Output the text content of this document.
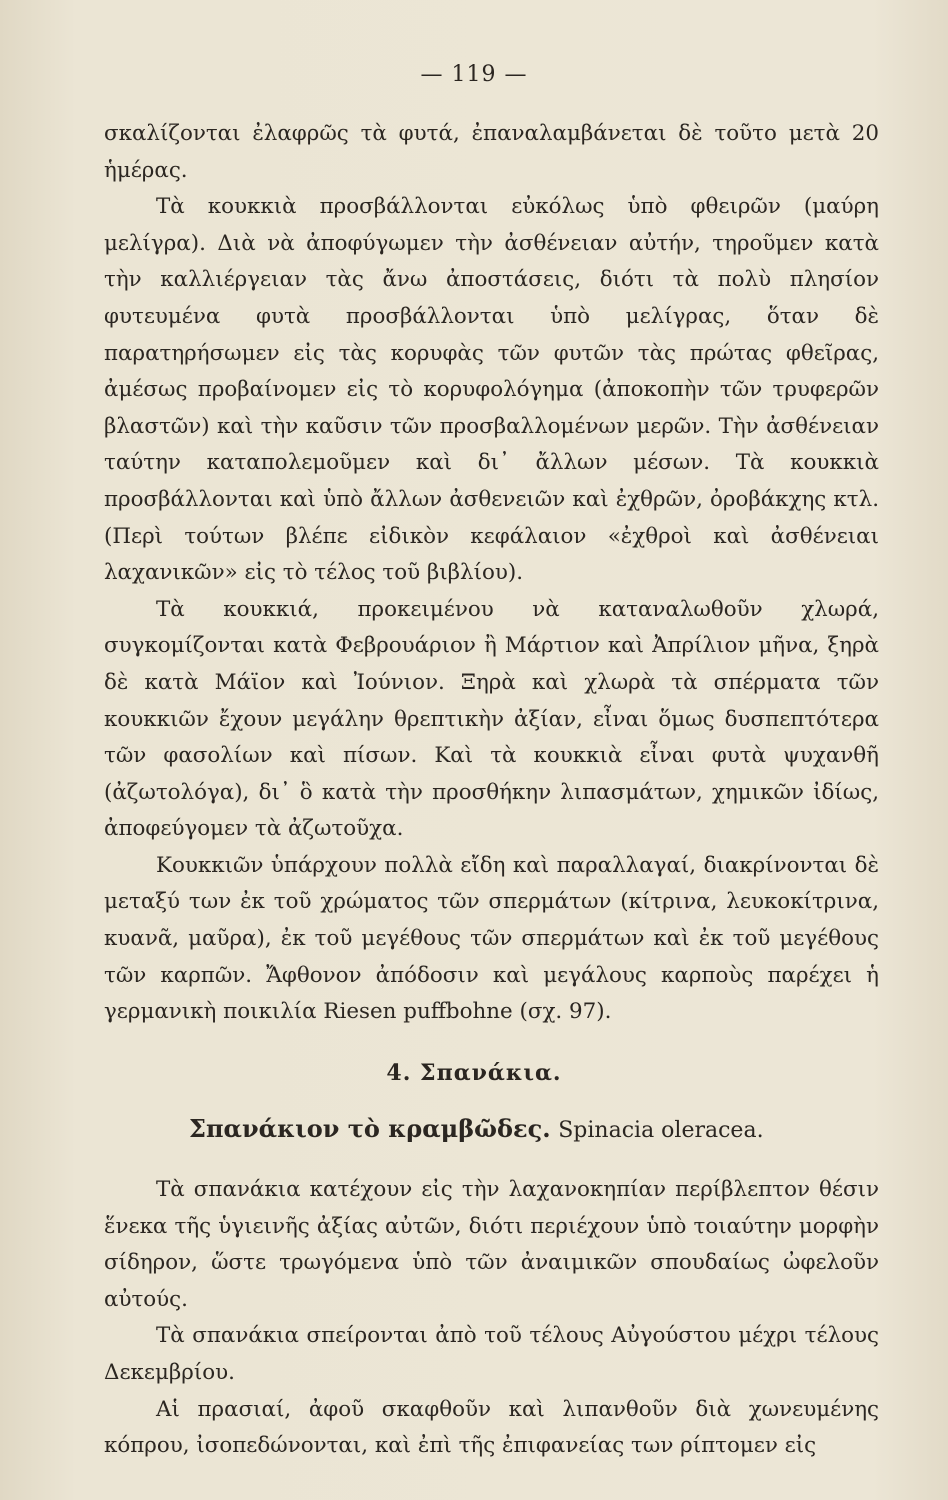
— 119 —

σκαλίζονται ἐλαφρῶς τὰ φυτά, ἐπαναλαμβάνεται δὲ τοῦτο μετὰ 20 ἡμέρας.

Τὰ κουκκιὰ προσβάλλονται εὐκόλως ὑπὸ φθειρῶν (μαύρη μελίγρα). Διὰ νὰ ἀποφύγωμεν τὴν ἀσθένειαν αὐτήν, τηροῦμεν κατὰ τὴν καλλιέργειαν τὰς ἄνω ἀποστάσεις, διότι τὰ πολὺ πλησίον φυτευμένα φυτὰ προσβάλλονται ὑπὸ μελίγρας, ὅταν δὲ παρατηρήσωμεν εἰς τὰς κορυφὰς τῶν φυτῶν τὰς πρώτας φθεῖρας, ἀμέσως προβαίνομεν εἰς τὸ κορυφολόγημα (ἀποκοπὴν τῶν τρυφερῶν βλαστῶν) καὶ τὴν καῦσιν τῶν προσβαλλομένων μερῶν. Τὴν ἀσθένειαν ταύτην καταπολεμοῦμεν καὶ δι᾽ ἄλλων μέσων. Τὰ κουκκιὰ προσβάλλονται καὶ ὑπὸ ἄλλων ἀσθενειῶν καὶ ἐχθρῶν, ὀροβάκχης κτλ. (Περὶ τούτων βλέπε εἰδικὸν κεφάλαιον «ἐχθροὶ καὶ ἀσθένειαι λαχανικῶν» εἰς τὸ τέλος τοῦ βιβλίου).

Τὰ κουκκιά, προκειμένου νὰ καταναλωθοῦν χλωρά, συγκομίζονται κατὰ Φεβρουάριον ἢ Μάρτιον καὶ Ἀπρίλιον μῆνα, ξηρὰ δὲ κατὰ Μάϊον καὶ Ἰούνιον. Ξηρὰ καὶ χλωρὰ τὰ σπέρματα τῶν κουκκιῶν ἔχουν μεγάλην θρεπτικὴν ἀξίαν, εἶναι ὅμως δυσπεπτότερα τῶν φασολίων καὶ πίσων. Καὶ τὰ κουκκιὰ εἶναι φυτὰ ψυχανθῆ (ἀζωτολόγα), δι᾽ ὃ κατὰ τὴν προσθήκην λιπασμάτων, χημικῶν ἰδίως, ἀποφεύγομεν τὰ ἀζωτοῦχα.

Κουκκιῶν ὑπάρχουν πολλὰ εἴδη καὶ παραλλαγαί, διακρίνονται δὲ μεταξύ των ἐκ τοῦ χρώματος τῶν σπερμάτων (κίτρινα, λευκοκίτρινα, κυανᾶ, μαῦρα), ἐκ τοῦ μεγέθους τῶν σπερμάτων καὶ ἐκ τοῦ μεγέθους τῶν καρπῶν. Ἄφθονον ἀπόδοσιν καὶ μεγάλους καρποὺς παρέχει ἡ γερμανικὴ ποικιλία Riesen puffbohne (σχ. 97).

4. Σπανάκια.
Σπανάκιον τὸ κραμβῶδες. Spinacia oleracea.

Τὰ σπανάκια κατέχουν εἰς τὴν λαχανοκηπίαν περίβλεπτον θέσιν ἕνεκα τῆς ὑγιεινῆς ἀξίας αὐτῶν, διότι περιέχουν ὑπὸ τοιαύτην μορφὴν σίδηρον, ὥστε τρωγόμενα ὑπὸ τῶν ἀναιμικῶν σπουδαίως ὠφελοῦν αὐτούς.

Τὰ σπανάκια σπείρονται ἀπὸ τοῦ τέλους Αὐγούστου μέχρι τέλους Δεκεμβρίου.

Αἱ πρασιαί, ἀφοῦ σκαφθοῦν καὶ λιπανθοῦν διὰ χωνευμένης κόπρου, ἰσοπεδώνονται, καὶ ἐπὶ τῆς ἐπιφανείας των ρίπτομεν εἰς
